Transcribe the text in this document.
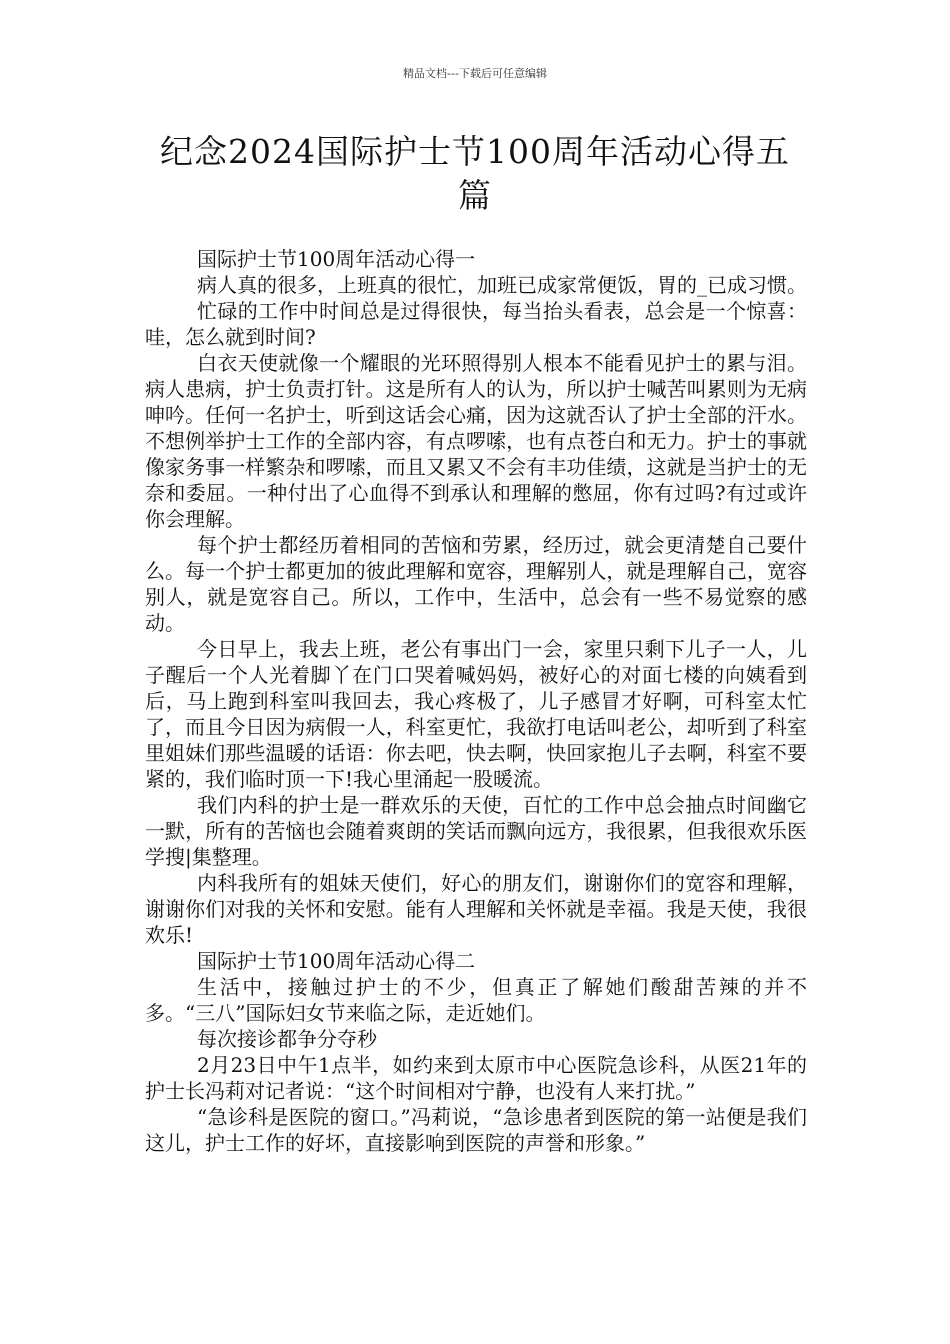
精品文档---下载后可任意编辑
纪念2024国际护士节100周年活动心得五篇

国际护士节100周年活动心得一

病人真的很多，上班真的很忙，加班已成家常便饭，胃的_已成习惯。

忙碌的工作中时间总是过得很快，每当抬头看表，总会是一个惊喜：哇，怎么就到时间?

白衣天使就像一个耀眼的光环照得别人根本不能看见护士的累与泪。病人患病，护士负责打针。这是所有人的认为，所以护士喊苦叫累则为无病呻吟。任何一名护士，听到这话会心痛，因为这就否认了护士全部的汗水。不想例举护士工作的全部内容，有点啰嗦，也有点苍白和无力。护士的事就像家务事一样繁杂和啰嗦，而且又累又不会有丰功佳绩，这就是当护士的无奈和委屈。一种付出了心血得不到承认和理解的憋屈，你有过吗?有过或许你会理解。

每个护士都经历着相同的苦恼和劳累，经历过，就会更清楚自己要什么。每一个护士都更加的彼此理解和宽容，理解别人，就是理解自己，宽容别人，就是宽容自己。所以，工作中，生活中，总会有一些不易觉察的感动。

今日早上，我去上班，老公有事出门一会，家里只剩下儿子一人，儿子醒后一个人光着脚丫在门口哭着喊妈妈，被好心的对面七楼的向姨看到后，马上跑到科室叫我回去，我心疼极了，儿子感冒才好啊，可科室太忙了，而且今日因为病假一人，科室更忙，我欲打电话叫老公，却听到了科室里姐妹们那些温暖的话语：你去吧，快去啊，快回家抱儿子去啊，科室不要紧的，我们临时顶一下!我心里涌起一股暖流。

我们内科的护士是一群欢乐的天使，百忙的工作中总会抽点时间幽它一默，所有的苦恼也会随着爽朗的笑话而飘向远方，我很累，但我很欢乐医学搜|集整理。

内科我所有的姐妹天使们，好心的朋友们，谢谢你们的宽容和理解，谢谢你们对我的关怀和安慰。能有人理解和关怀就是幸福。我是天使，我很欢乐!

国际护士节100周年活动心得二

生活中，接触过护士的不少，但真正了解她们酸甜苦辣的并不多。“三八”国际妇女节来临之际，走近她们。

每次接诊都争分夺秒

2月23日中午1点半，如约来到太原市中心医院急诊科，从医21年的护士长冯莉对记者说：“这个时间相对宁静，也没有人来打扰。”

“急诊科是医院的窗口。”冯莉说，“急诊患者到医院的第一站便是我们这儿，护士工作的好坏，直接影响到医院的声誉和形象。”
